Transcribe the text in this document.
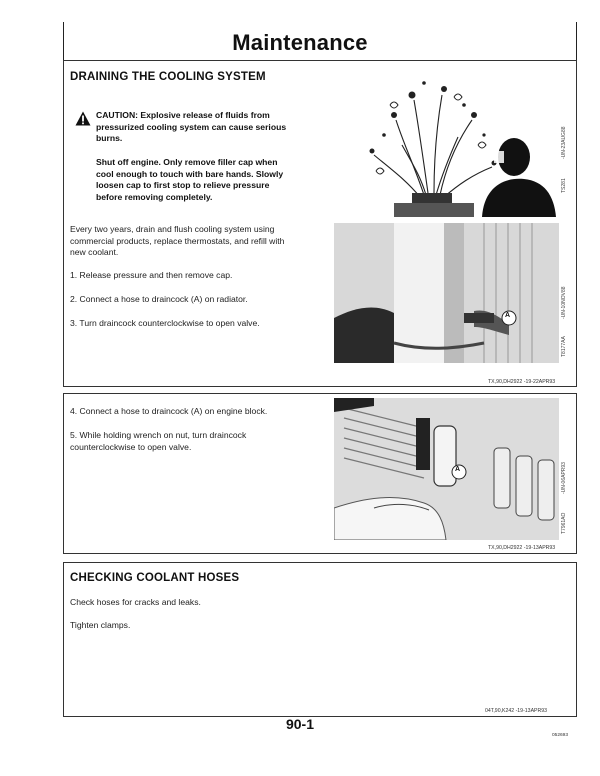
Maintenance
DRAINING THE COOLING SYSTEM
CAUTION: Explosive release of fluids from
pressurized cooling system can cause serious
burns.
Shut off engine. Only remove filler cap when
cool enough to touch with bare hands. Slowly
loosen cap to first stop to relieve pressure
before removing completely.
Every two years, drain and flush cooling system using
commercial products, replace thermostats, and refill with
new coolant.
1. Release pressure and then remove cap.
2. Connect a hose to draincock (A) on radiator.
3. Turn draincock counterclockwise to open valve.
TS281
-UN-23AUG88
A
T8177AA
-UN-10NOV88
TX,90,DH2922 -19-22APR93
4. Connect a hose to draincock (A) on engine block.
5. While holding wrench on nut, turn draincock
counterclockwise to open valve.
A
T7961AO
-UN-06APR93
TX,90,DH2922 -19-13APR93
CHECKING COOLANT HOSES
Check hoses for cracks and leaks.
Tighten clamps.
04T,90,K242 -19-13APR93
90-1
052693
